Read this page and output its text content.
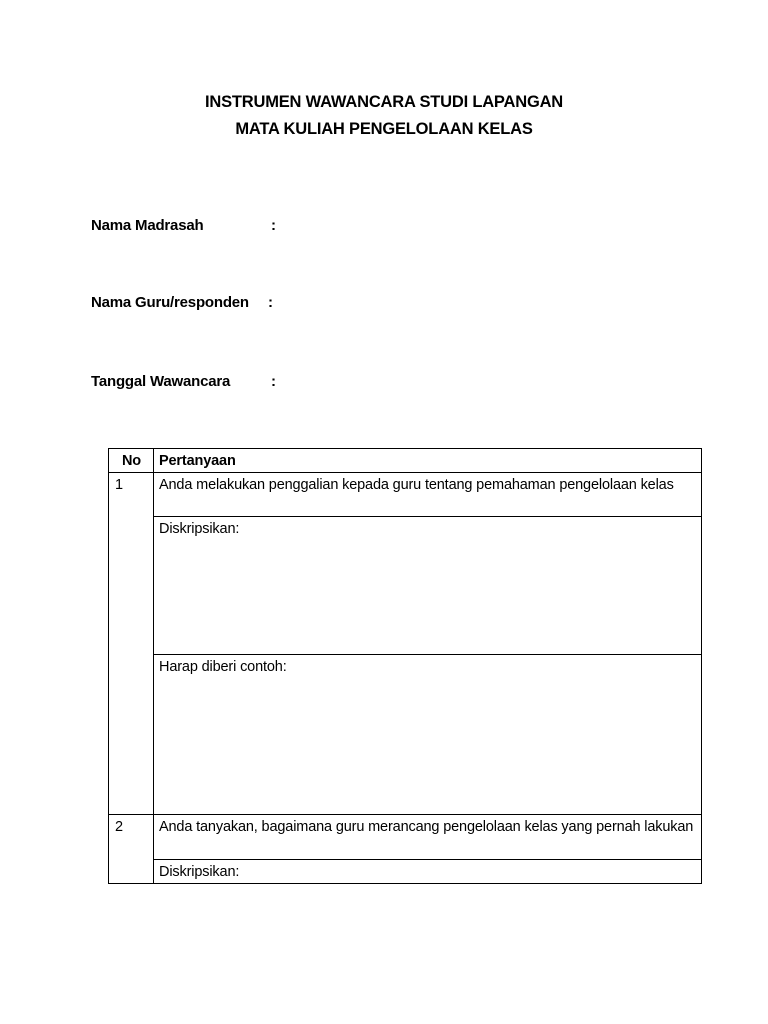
INSTRUMEN WAWANCARA STUDI LAPANGAN
MATA KULIAH PENGELOLAAN KELAS
Nama Madrasah	:
Nama Guru/responden :
Tanggal Wawancara	:
No	Pertanyaan
1	Anda melakukan penggalian kepada guru tentang pemahaman pengelolaan kelas
	Diskripsikan:
	Harap diberi contoh:
2	Anda tanyakan, bagaimana guru merancang pengelolaan kelas yang pernah lakukan
	Diskripsikan:
